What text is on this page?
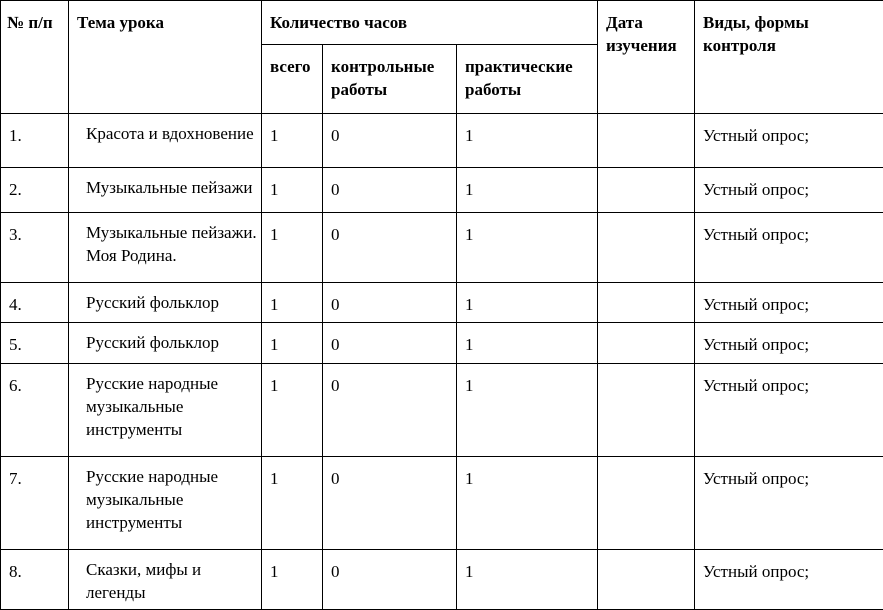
№ п/п	Тема урока	Количество часов			Дата изучения	Виды, формы контроля
		всего	контрольные работы	практические работы		
1.	Красота и вдохновение	1	0	1		Устный опрос;
2.	Музыкальные пейзажи	1	0	1		Устный опрос;
3.	Музыкальные пейзажи. Моя Родина.	1	0	1		Устный опрос;
4.	Русский фольклор	1	0	1		Устный опрос;
5.	Русский фольклор	1	0	1		Устный опрос;
6.	Русские народные музыкальные инструменты	1	0	1		Устный опрос;
7.	Русские народные музыкальные инструменты	1	0	1		Устный опрос;
8.	Сказки, мифы и легенды	1	0	1		Устный опрос;
